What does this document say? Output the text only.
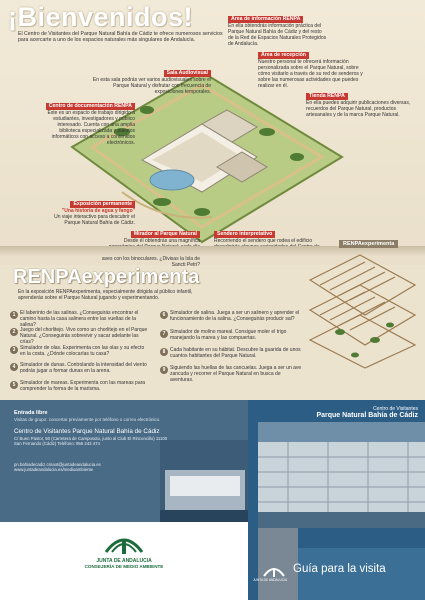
¡Bienvenidos!
El Centro de Visitantes del Parque Natural Bahía de Cádiz te ofrece numerosos servicios para acercarte a uno de los espacios naturales más singulares de Andalucía.
Área de información RENPA
En ella obtendrás información práctica del Parque Natural Bahía de Cádiz y del resto de la Red de Espacios Naturales Protegidos de Andalucía.
Área de recepción
Nuestro personal te ofrecerá información personalizada sobre el Parque Natural, sobre cómo visitarlo a través de su red de senderos y sobre las numerosas actividades que puedes realizar en él.
Sala Audiovisual
En esta sala podrás ver varios audiovisuales sobre el Parque Natural y disfrutar con frecuencia de exposiciones temporales.
Tienda RENPA
En ella puedes adquirir publicaciones diversas, recuerdos del Parque Natural, productos artesanales y de la marca Parque Natural.
Centro de documentación RENPA
Este es un espacio de trabajo dirigido a estudiantes, investigadores y público interesado. Cuenta con una amplia biblioteca especializada y puestos informáticos con acceso a contenidos electrónicos.
Exposición permanente
"Una historia de agua y fango"
Un viaje interactivo para descubrir el Parque Natural Bahía de Cádiz.
Mirador al Parque Natural
Desde él obtendrás una magnífica aves con los binoculares. ¿Divisas la Isla de Sancti Petri?
Sendero interpretativo
Recorriendo el sendero que rodea el edificio	RENPAexperimenta
RENPAexperimenta
En la exposición RENPAexperimenta, especialmente dirigida al público infantil, aprenderás sobre el Parque Natural jugando y experimentando.
1 El laberinto de las salinas. ¿Conseguirás encontrar el camino hasta la casa salinera entre las vueltas de la salina?
2 Juego del chorlitejo. Vivo como un chorlitejo en el Parque Natural. ¿Conseguirás sobrevivir y sacar adelante las crías?
3 Simulador de olas. Experimenta con las olas y su efecto en la costa. ¿Dónde colocarías tu casa?
4 Simulador de dunas. Controlando la intensidad del viento podrás jugar a formar dunas en la arena.
5 Simulador de mareas. Experimenta con las mareas para comprender la forma de la marisma.
6 Simulador de salina. Juega a ser un salinero y aprender el funcionamiento de la salina. ¿Conseguirás producir sal?
7 Simulador de molino mareal. Consigue moler el trigo manejando la marea y las compuertas.
8 Cada habitante en su hábitat. Descubre la guarida de unos cuantos habitantes del Parque Natural.
9 Siguiendo las huellas de las cancuelas. Juega a ser un ave zancuda y recorrer el Parque Natural en busca de aventuras.
Entrada libre
Visitas de grupo: concertar previamente por teléfono o correo electrónico.
Centro de Visitantes Parque Natural Bahía de Cádiz
C/ Buen Pastor, 50 (Carretera de Camposoto, junto al Club El Rinconcillo) 11100 San Fernando (Cádiz) Teléfono: 956 243 474
pn.bahiadecadiz.cmaot@juntadeandalucia.es www.juntadeandalucia.es/medioambiente
JUNTA DE ANDALUCIA
CONSEJERÍA DE MEDIO AMBIENTE
Centro de Visitantes
Parque Natural Bahía de Cádiz
Guía para la visita
JUNTA DE ANDALUCIA
